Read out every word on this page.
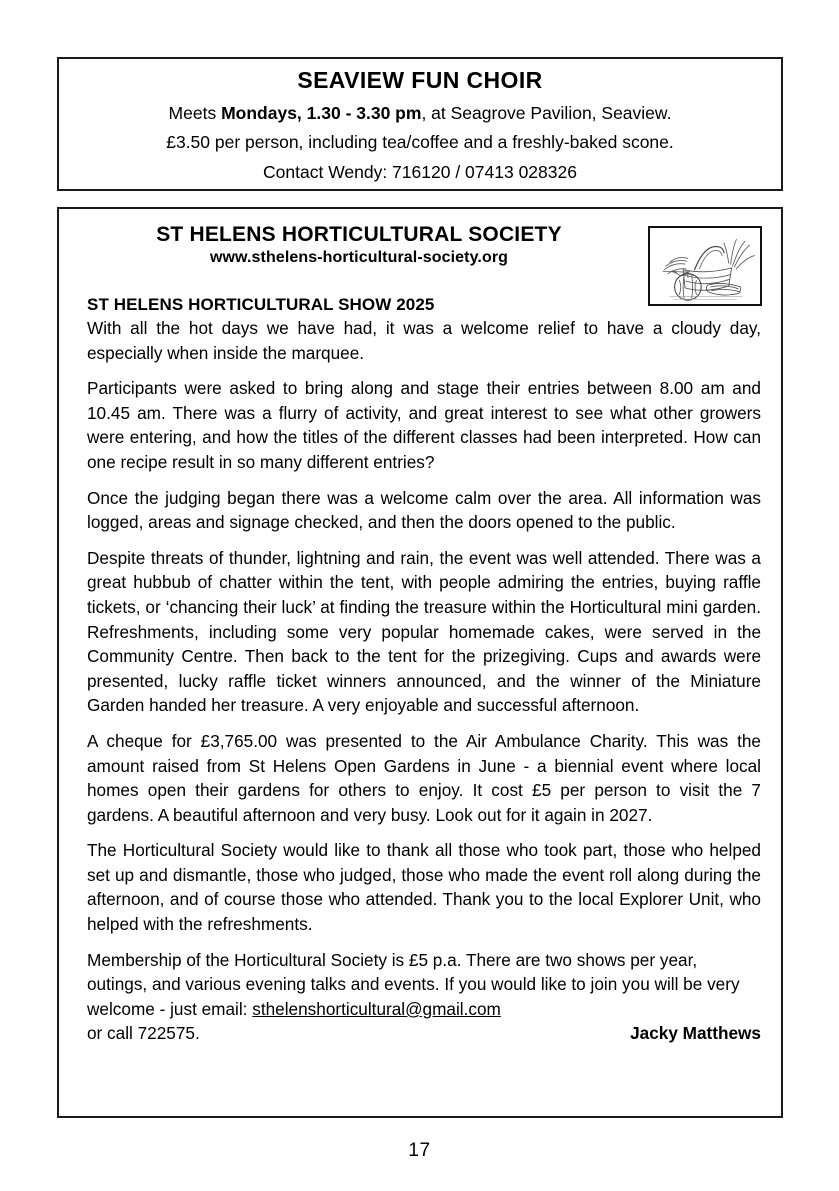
SEAVIEW FUN CHOIR
Meets Mondays, 1.30 - 3.30 pm, at Seagrove Pavilion, Seaview.
£3.50 per person, including tea/coffee and a freshly-baked scone.
Contact Wendy: 716120 / 07413 028326
ST HELENS HORTICULTURAL SOCIETY
www.sthelens-horticultural-society.org
ST HELENS HORTICULTURAL SHOW 2025

With all the hot days we have had, it was a welcome relief to have a cloudy day, especially when inside the marquee.

Participants were asked to bring along and stage their entries between 8.00 am and 10.45 am. There was a flurry of activity, and great interest to see what other growers were entering, and how the titles of the different classes had been interpreted. How can one recipe result in so many different entries?

Once the judging began there was a welcome calm over the area. All information was logged, areas and signage checked, and then the doors opened to the public.

Despite threats of thunder, lightning and rain, the event was well attended. There was a great hubbub of chatter within the tent, with people admiring the entries, buying raffle tickets, or ‘chancing their luck’ at finding the treasure within the Horticultural mini garden. Refreshments, including some very popular homemade cakes, were served in the Community Centre. Then back to the tent for the prizegiving. Cups and awards were presented, lucky raffle ticket winners announced, and the winner of the Miniature Garden handed her treasure. A very enjoyable and successful afternoon.

A cheque for £3,765.00 was presented to the Air Ambulance Charity. This was the amount raised from St Helens Open Gardens in June - a biennial event where local homes open their gardens for others to enjoy. It cost £5 per person to visit the 7 gardens. A beautiful afternoon and very busy. Look out for it again in 2027.

The Horticultural Society would like to thank all those who took part, those who helped set up and dismantle, those who judged, those who made the event roll along during the afternoon, and of course those who attended. Thank you to the local Explorer Unit, who helped with the refreshments.

Membership of the Horticultural Society is £5 p.a. There are two shows per year, outings, and various evening talks and events. If you would like to join you will be very welcome - just email: sthelenshorticultural@gmail.com

or call 722575.	Jacky Matthews
17
